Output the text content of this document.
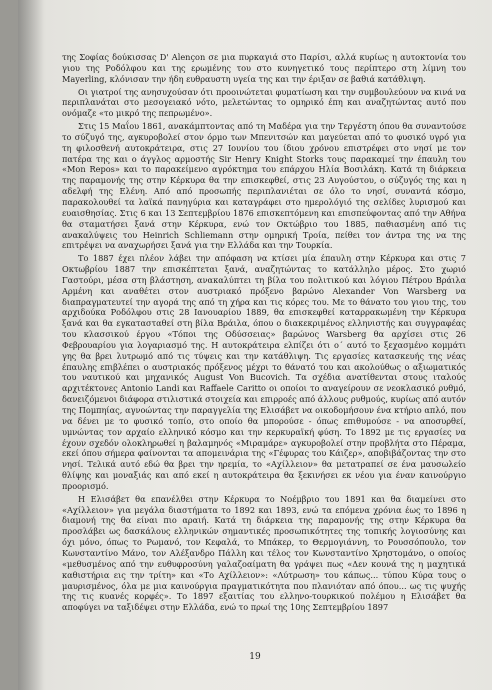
της Σοφίας δούκισσας D' Alençon σε μια πυρκαγιά στο Παρίσι, αλλά κυρίως η αυτοκτονία του γιου της Ροδόλφου και της ερωμένης του στο κυνηγετικό τους περίπτερο στη λίμνη του Mayerling, κλόνισαν την ήδη ευθραυστη υγεία της και την έριξαν σε βαθιά κατάθλιψη.

Οι γιατροί της ανησυχούσαν ότι προοινώτεται φυματίωση και την συμβουλεύουν να κινά να περιπλανάται στο μεσογειακό νότο, μελετώντας το ομηρικό έπη και αναζητώντας αυτό που ονόμαζε «το μικρό της πεπρωμένο».

Στις 15 Μαΐου 1861, ανακάμπτοντας από τη Μαδέρα για την Τεργέστη όπου θα συναντούσε το σύζυγό της, αγκυροβολεί στον όρμο των Μπενιτσών και μαγεύεται από το φυσικό υγρό για τη φιλοσθενή αυτοκράτειρα, στις 27 Ιουνίου του ίδιου χρόνου επιστρέφει στο νησί με τον πατέρα της και ο άγγλος αρμοστής Sir Henry Knight Storks τους παρακαμεί την έπαυλη του «Mon Repos» και το παρακείμενο αγρόκτημα του επάρχου Ηλία Βοσιλάκη. Κατά τη διάρκεια της παραμονής της στην Κέρκυρα θα την επισκεφθεί, στις 23 Αυγούστου, ο σύζυγός της και η αδελφή της Ελένη. Από από προσωπής περιπλανιέται σε όλο το νησί, συναντά κόσμο, παρακολουθεί τα λαϊκά πανηγύρια και καταγράφει στο ημερολόγιό της σελίδες λυρισμού και ευαισθησίας. Στις 6 και 13 Σεπτεμβρίου 1876 επισκεπτόμενη και επισπεύφοντας από την Αθήνα θα σταματήσει ξανά στην Κέρκυρα, ενώ τον Οκτώβριο του 1885, παθιασμένη από τις ανακαλύψεις του Heinrich Schliemann στην ομηρική Τροία, πείθει τον άντρα της να της επιτρέψει να αναχωρήσει ξανά για την Ελλάδα και την Τουρκία.

Το 1887 έχει πλέον λάβει την απόφαση να κτίσει μία έπαυλη στην Κέρκυρα και στις 7 Οκτωβρίου 1887 την επισκέπτεται ξανά, αναζητώντας το κατάλληλο μέρος. Στο χωριό Γαστούρι, μέσα στη βλάστηση, ανακαλύπτει τη βίλα του πολιτικού και λόγιου Πέτρου Βράιλα Αρμένη και αναθέτει στον αυστριακό πρόξενο βαρώνο Alexander Von Warsberg να διαπραγματευτεί την αγορά της από τη χήρα και τις κόρες του. Με το θάνατο του γιου της, του αρχιδούκα Ροδόλφου στις 28 Ιανουαρίου 1889, θα επισκεφθεί καταρρακωμένη την Κέρκυρα ξανά και θα εγκατασταθεί στη βίλα Βράιλα, όπου ο διακεκριμένος ελληνιστής και συγγραφέας του κλασσικού έργου «Τόποι της Οδύσσειας» βαρώνος Warsberg θα αρχίσει στις 26 Φεβρουαρίου για λογαριασμό της. Η αυτοκράτειρα ελπίζει ότι ο΄ αυτό το ξεχασμένο κομμάτι γης θα βρει λυτρωμό από τις τύψεις και την κατάθλιψη. Τις εργασίες κατασκευής της νέας έπαυλης επιβλέπει ο αυστριακός πρόξενος μέχρι το θάνατό του και ακολούθως ο αξιωματικός του ναυτικού και μηχανικός August Von Bucovich. Τα σχέδια ανατίθενται στους ιταλούς αρχιτέκτονες Antonio Landi και Raffaele Caritto οι οποίοι το αναγείρουν σε νεοκλασικό ρυθμό, δανειζόμενοι διάφορα στιλιστικά στοιχεία και επιρροές από άλλους ρυθμούς, κυρίως από αυτόν της Πομπηίας, αγνοώντας την παραγγελία της Ελισάβετ να οικοδομήσουν ένα κτήριο απλό, που να δένει με το φυσικό τοπίο, στο οποίο θα μπορούσε - όπως επιθυμούσε - να αποσυρθεί, υμνώντας τον αρχαίο ελληνικό κόσμο και την κερκυραϊκή φύση. Το 1892 με τις εργασίες να έχουν σχεδόν ολοκληρωθεί η βαλαμηνός «Μιραμάρε» αγκυροβολεί στην προβλήτα στο Πέραμα, εκεί όπου σήμερα φαίνονται τα απομεινάρια της «Γέφυρας του Κάιζερ», αποβιβάζοντας την στο νησί. Τελικά αυτό εδώ θα βρει την ηρεμία, το «Αχίλλειον» θα μετατραπεί σε ένα μαυσωλείο θλίψης και μοναξιάς και από εκεί η αυτοκράτειρα θα ξεκινήσει εκ νέου για έναν καινούργιο προορισμό.

Η Ελισάβετ θα επανέλθει στην Κέρκυρα το Νοέμβριο του 1891 και θα διαμείνει στο «Αχίλλειον» για μεγάλα διαστήματα το 1892 και 1893, ενώ τα επόμενα χρόνια έως το 1896 η διαμονή της θα είναι πιο αραιή. Κατά τη διάρκεια της παραμονής της στην Κέρκυρα θα προσλάβει ως δασκάλους ελληνικών σημαντικές προσωπικότητες της τοπικής λογιοσύνης και όχι μόνο, όπως το Ρωμανό, τον Κεφαλά, το Μπάκερ, το Θερμογιάννη, το Ρουσσόπουλο, τον Κωνσταντίνο Μάνο, τον Αλέξανδρο Πάλλη και τέλος τον Κωνσταντίνο Χρηστομάνο, ο οποίος «μεθυσμένος από την ευθυφροσύνη γαλαζοαίματη θα γράψει πως «Δεν κουνά της η μαχητικά καθιστήρια εις την τρίτη» και «Το Αχίλλειον»: «Λύτρωση» του κάπως... τύπου Κύρα τους ο μαυρισμένος, όλα με μια καινούργια πραγματικότητα που πλανιόταν από όπου... ως τις ψυχής της τις κυανές κορφές». Το 1897 εξαιτίας του ελληνο-τουρκικού πολέμου η Ελισάβετ θα αποφύγει να ταξιδέψει στην Ελλάδα, ενώ το πρωί της 10ης Σεπτεμβρίου 1897

19
